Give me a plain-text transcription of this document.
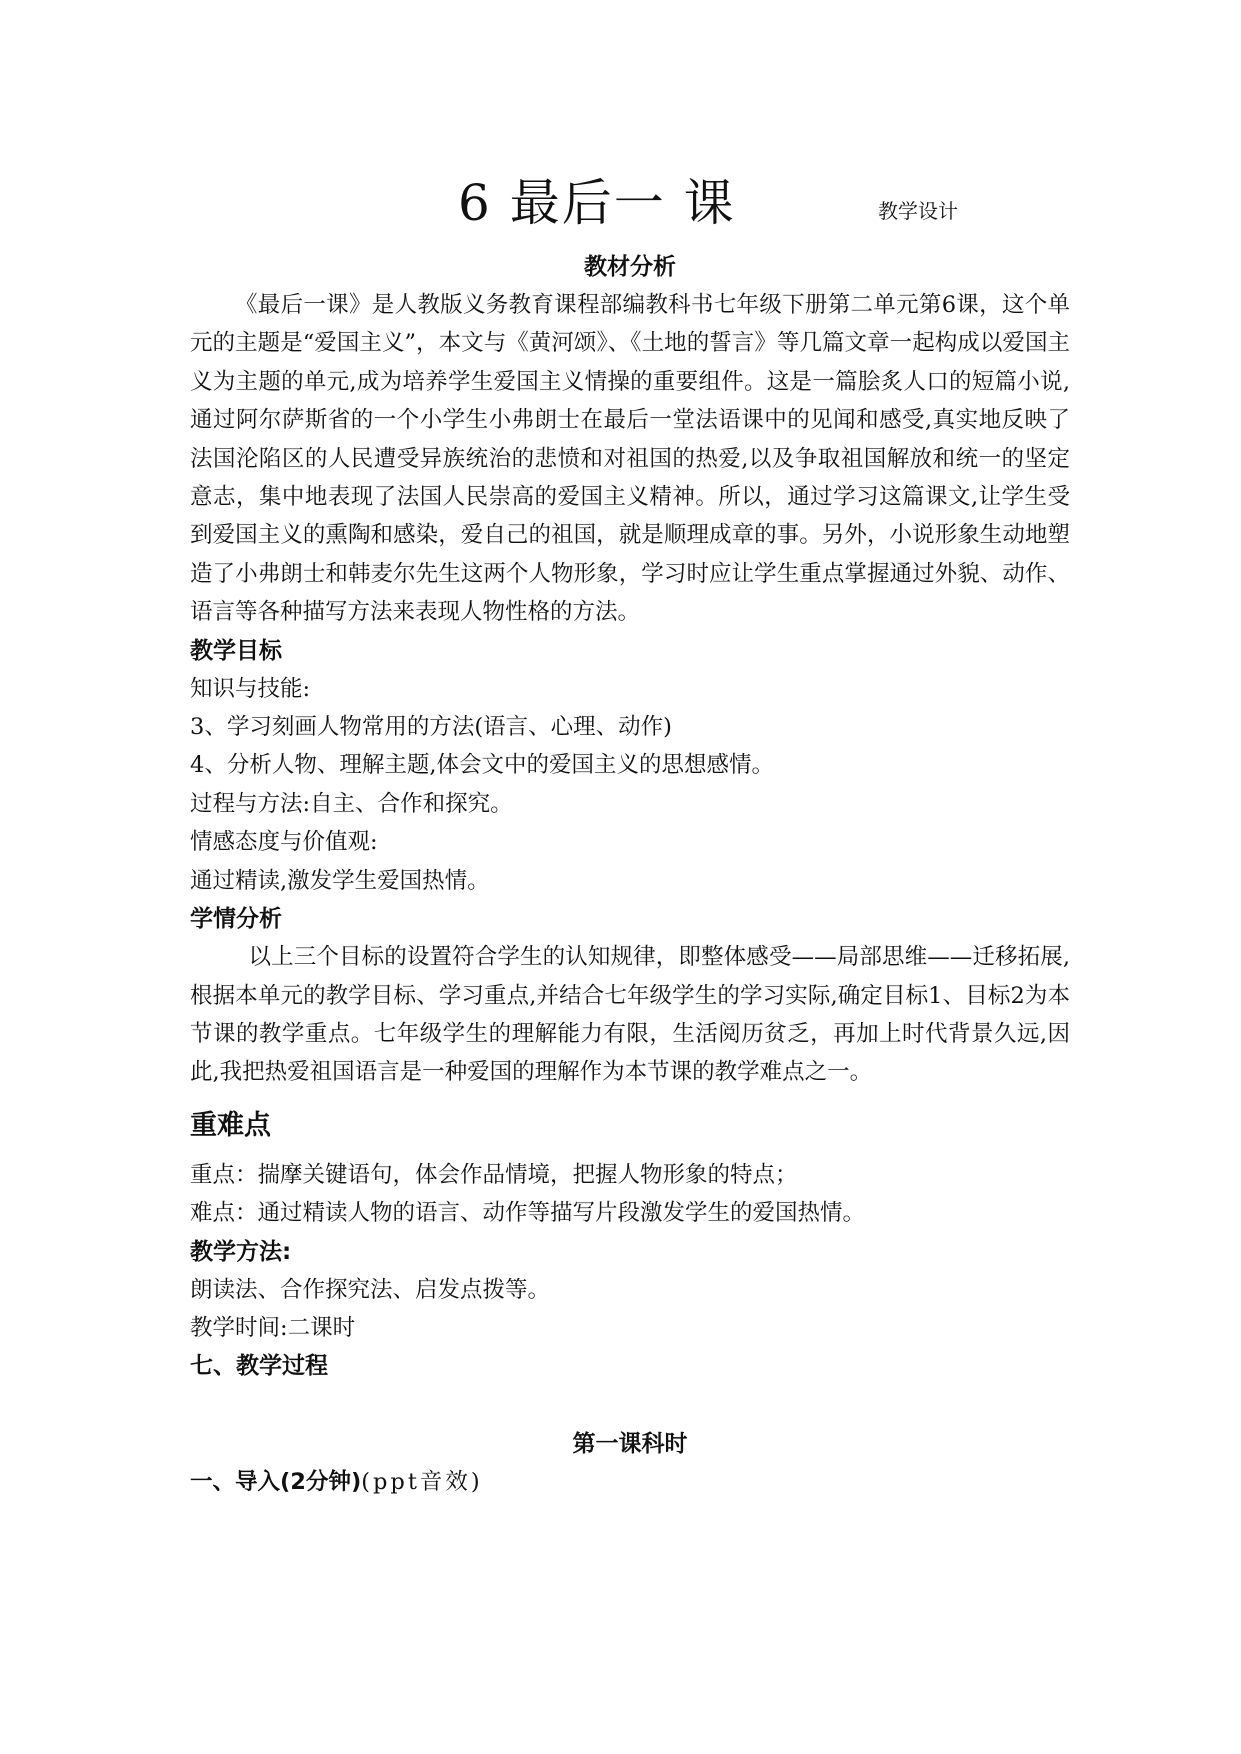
6 最后一 课	教学设计

教材分析

《最后一课》是人教版义务教育课程部编教科书七年级下册第二单元第6课，这个单元的主题是“爱国主义”，本文与《黄河颂》、《土地的誓言》等几篇文章一起构成以爱国主义为主题的单元,成为培养学生爱国主义情操的重要组件。这是一篇脍炙人口的短篇小说,通过阿尔萨斯省的一个小学生小弗朗士在最后一堂法语课中的见闻和感受,真实地反映了法国沦陷区的人民遭受异族统治的悲愤和对祖国的热爱,以及争取祖国解放和统一的坚定意志，集中地表现了法国人民崇高的爱国主义精神。所以，通过学习这篇课文,让学生受到爱国主义的熏陶和感染，爱自己的祖国，就是顺理成章的事。另外，小说形象生动地塑造了小弗朗士和韩麦尔先生这两个人物形象，学习时应让学生重点掌握通过外貌、动作、语言等各种描写方法来表现人物性格的方法。

教学目标

知识与技能:

3、学习刻画人物常用的方法(语言、心理、动作)

4、分析人物、理解主题,体会文中的爱国主义的思想感情。

过程与方法:自主、合作和探究。

情感态度与价值观:

通过精读,激发学生爱国热情。

学情分析

以上三个目标的设置符合学生的认知规律，即整体感受——局部思维——迁移拓展,根据本单元的教学目标、学习重点,并结合七年级学生的学习实际,确定目标1、目标2为本节课的教学重点。七年级学生的理解能力有限，生活阅历贫乏，再加上时代背景久远,因此,我把热爱祖国语言是一种爱国的理解作为本节课的教学难点之一。

重难点

重点：揣摩关键语句，体会作品情境，把握人物形象的特点；

难点：通过精读人物的语言、动作等描写片段激发学生的爱国热情。

教学方法:

朗读法、合作探究法、启发点拨等。

教学时间:二课时

七、教学过程

第一课科时

一、导入(2分钟)(ppt音效)
